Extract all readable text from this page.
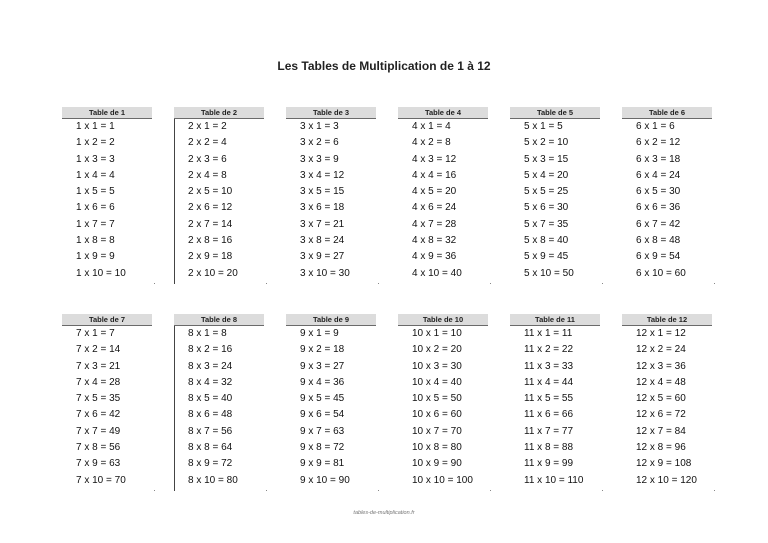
Les Tables de Multiplication de 1 à 12
Table de 1
1 x 1 = 1
1 x 2 = 2
1 x 3 = 3
1 x 4 = 4
1 x 5 = 5
1 x 6 = 6
1 x 7 = 7
1 x 8 = 8
1 x 9 = 9
1 x 10 = 10
Table de 2
2 x 1 = 2
2 x 2 = 4
2 x 3 = 6
2 x 4 = 8
2 x 5 = 10
2 x 6 = 12
2 x 7 = 14
2 x 8 = 16
2 x 9 = 18
2 x 10 = 20
Table de 3
3 x 1 = 3
3 x 2 = 6
3 x 3 = 9
3 x 4 = 12
3 x 5 = 15
3 x 6 = 18
3 x 7 = 21
3 x 8 = 24
3 x 9 = 27
3 x 10 = 30
Table de 4
4 x 1 = 4
4 x 2 = 8
4 x 3 = 12
4 x 4 = 16
4 x 5 = 20
4 x 6 = 24
4 x 7 = 28
4 x 8 = 32
4 x 9 = 36
4 x 10 = 40
Table de 5
5 x 1 = 5
5 x 2 = 10
5 x 3 = 15
5 x 4 = 20
5 x 5 = 25
5 x 6 = 30
5 x 7 = 35
5 x 8 = 40
5 x 9 = 45
5 x 10 = 50
Table de 6
6 x 1 = 6
6 x 2 = 12
6 x 3 = 18
6 x 4 = 24
6 x 5 = 30
6 x 6 = 36
6 x 7 = 42
6 x 8 = 48
6 x 9 = 54
6 x 10 = 60
Table de 7
7 x 1 = 7
7 x 2 = 14
7 x 3 = 21
7 x 4 = 28
7 x 5 = 35
7 x 6 = 42
7 x 7 = 49
7 x 8 = 56
7 x 9 = 63
7 x 10 = 70
Table de 8
8 x 1 = 8
8 x 2 = 16
8 x 3 = 24
8 x 4 = 32
8 x 5 = 40
8 x 6 = 48
8 x 7 = 56
8 x 8 = 64
8 x 9 = 72
8 x 10 = 80
Table de 9
9 x 1 = 9
9 x 2 = 18
9 x 3 = 27
9 x 4 = 36
9 x 5 = 45
9 x 6 = 54
9 x 7 = 63
9 x 8 = 72
9 x 9 = 81
9 x 10 = 90
Table de 10
10 x 1 = 10
10 x 2 = 20
10 x 3 = 30
10 x 4 = 40
10 x 5 = 50
10 x 6 = 60
10 x 7 = 70
10 x 8 = 80
10 x 9 = 90
10 x 10 = 100
Table de 11
11 x 1 = 11
11 x 2 = 22
11 x 3 = 33
11 x 4 = 44
11 x 5 = 55
11 x 6 = 66
11 x 7 = 77
11 x 8 = 88
11 x 9 = 99
11 x 10 = 110
Table de 12
12 x 1 = 12
12 x 2 = 24
12 x 3 = 36
12 x 4 = 48
12 x 5 = 60
12 x 6 = 72
12 x 7 = 84
12 x 8 = 96
12 x 9 = 108
12 x 10 = 120
tables-de-multiplication.fr
